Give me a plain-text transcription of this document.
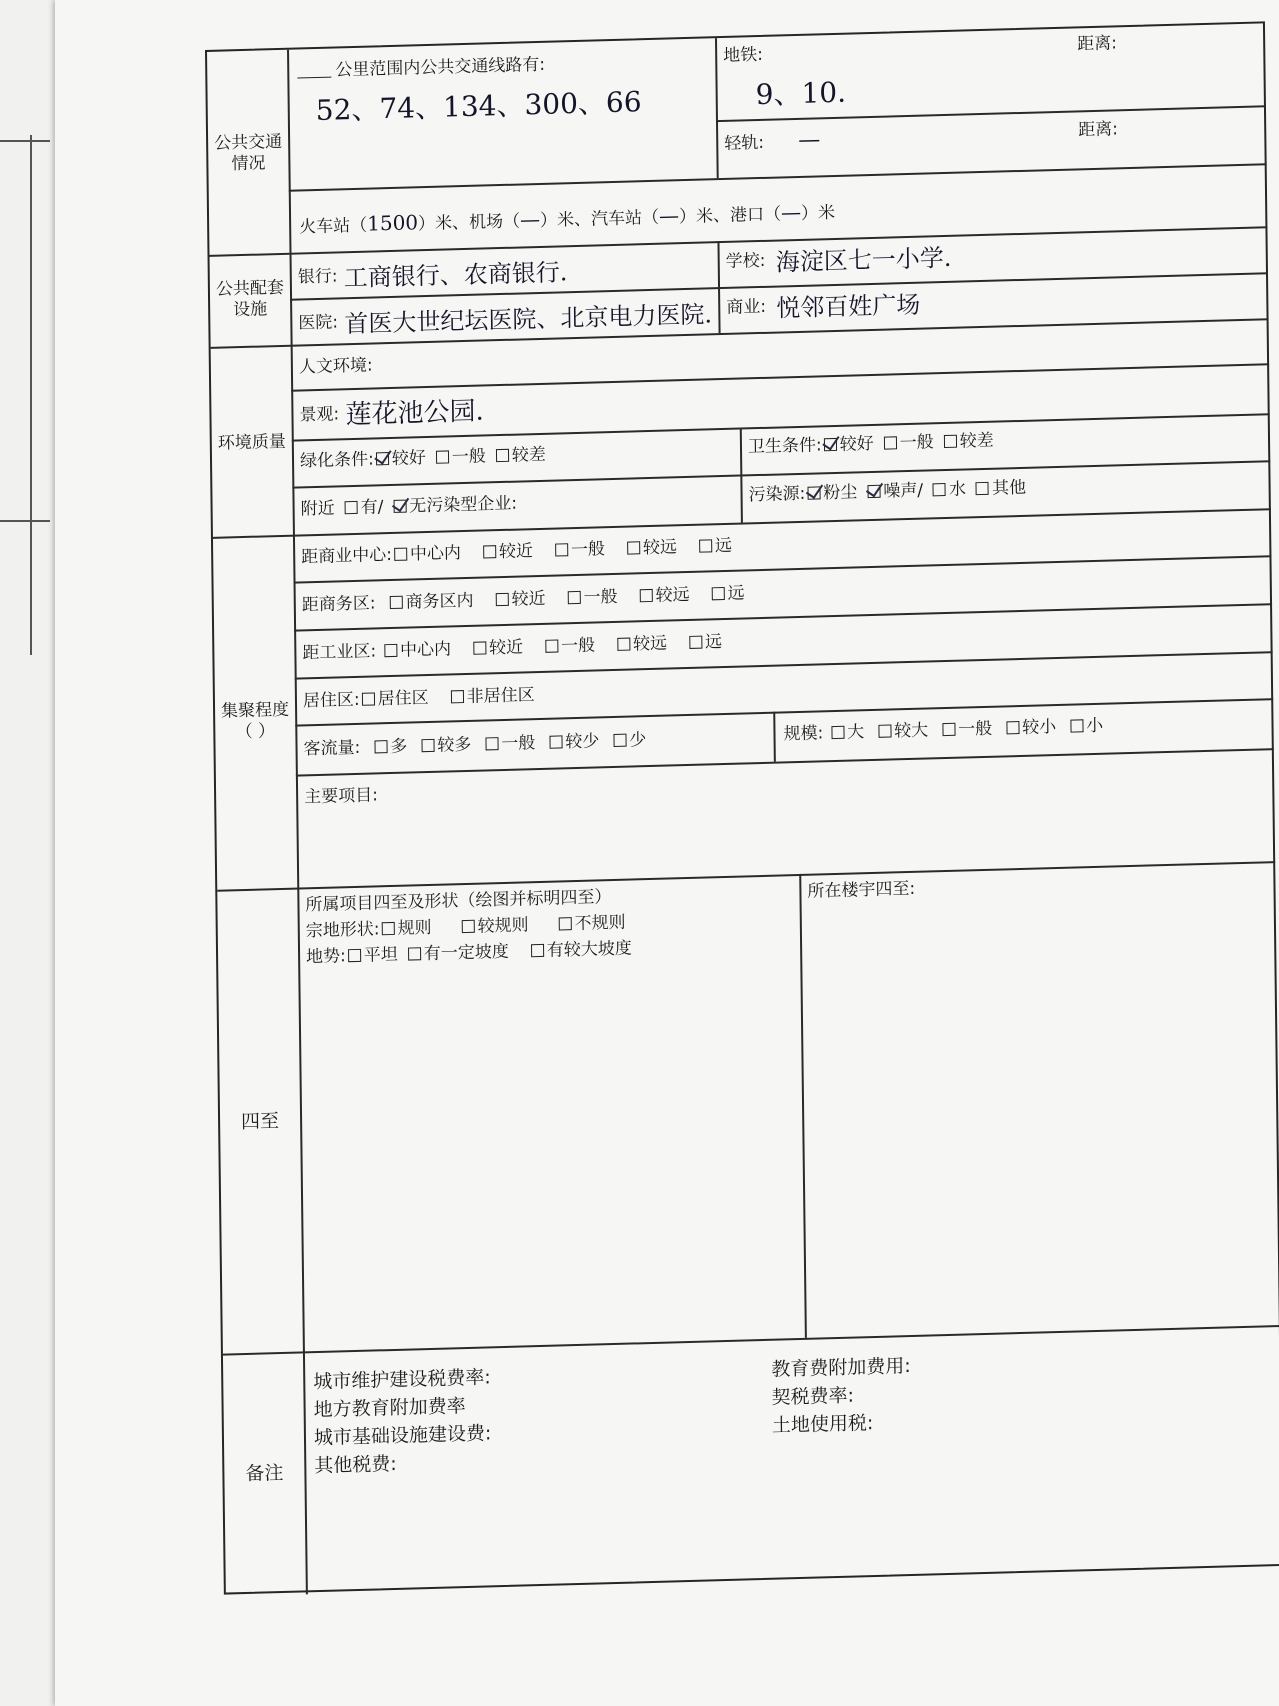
公共交通
情况
公里范围内公共交通线路有:
52、74、134、300、66
地铁:
距离:
9、10.
轻轨: —	距离:
火车站（1500）米、机场（—）米、汽车站（—）米、港口（—）米
公共配套
设施
银行: 工商银行、农商银行.	学校: 海淀区七一小学.
医院: 首医大世纪坛医院、北京电力医院. 商业: 悦邻百姓广场
环境质量
人文环境:
景观: 莲花池公园.
绿化条件: 较好 一般 较差	卫生条件: 较好 一般 较差
附近 有/ 无污染型企业:	污染源: 粉尘 噪声/ 水 其他
集聚程度
（ ）
距商业中心: 中心内 较近 一般 较远 远
距商务区: 商务区内 较近 一般 较远 远
距工业区: 中心内 较近 一般 较远 远
居住区: 居住区 非居住区
客流量: 多 较多 一般 较少 少	规模: 大 较大 一般 较小 小
主要项目:
四至
所属项目四至及形状（绘图并标明四至）
宗地形状: 规则	较规则	不规则
地势: 平坦 有一定坡度 有较大坡度
所在楼宇四至:
备注
城市维护建设税费率:
地方教育附加费率
城市基础设施建设费:
其他税费:
教育费附加费用:
契税费率:
土地使用税:
